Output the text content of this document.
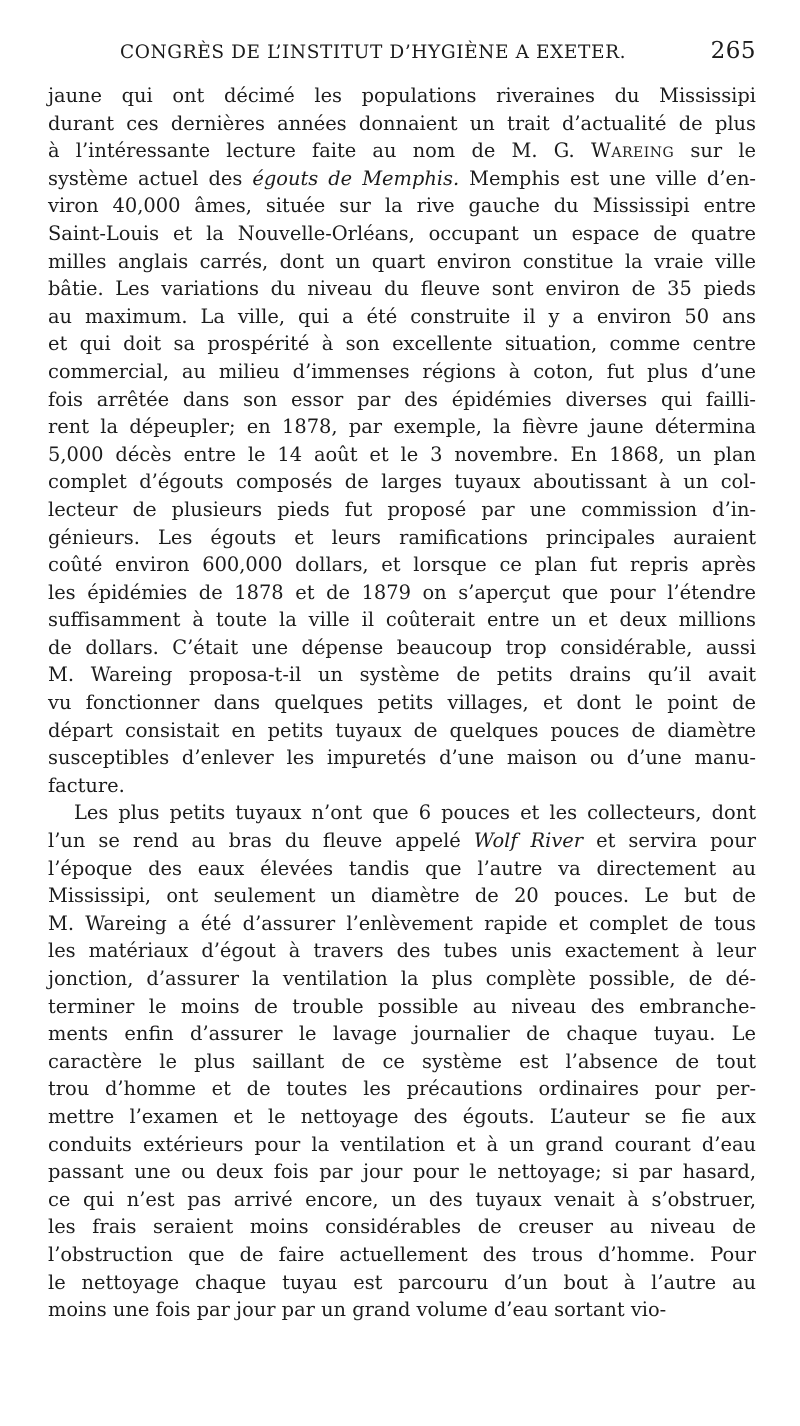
CONGRÈS DE L’INSTITUT D’HYGIÈNE A EXETER.	265

jaune qui ont décimé les populations riveraines du Mississipi
durant ces dernières années donnaient un trait d’actualité de plus
à l’intéressante lecture faite au nom de M. G. Wareing sur le
système actuel des égouts de Memphis. Memphis est une ville d’en-
viron 40,000 âmes, située sur la rive gauche du Mississipi entre
Saint-Louis et la Nouvelle-Orléans, occupant un espace de quatre
milles anglais carrés, dont un quart environ constitue la vraie ville
bâtie. Les variations du niveau du fleuve sont environ de 35 pieds
au maximum. La ville, qui a été construite il y a environ 50 ans
et qui doit sa prospérité à son excellente situation, comme centre
commercial, au milieu d’immenses régions à coton, fut plus d’une
fois arrêtée dans son essor par des épidémies diverses qui failli-
rent la dépeupler; en 1878, par exemple, la fièvre jaune détermina
5,000 décès entre le 14 août et le 3 novembre. En 1868, un plan
complet d’égouts composés de larges tuyaux aboutissant à un col-
lecteur de plusieurs pieds fut proposé par une commission d’in-
génieurs. Les égouts et leurs ramifications principales auraient
coûté environ 600,000 dollars, et lorsque ce plan fut repris après
les épidémies de 1878 et de 1879 on s’aperçut que pour l’étendre
suffisamment à toute la ville il coûterait entre un et deux millions
de dollars. C’était une dépense beaucoup trop considérable, aussi
M. Wareing proposa-t-il un système de petits drains qu’il avait
vu fonctionner dans quelques petits villages, et dont le point de
départ consistait en petits tuyaux de quelques pouces de diamètre
susceptibles d’enlever les impuretés d’une maison ou d’une manu-
facture.

Les plus petits tuyaux n’ont que 6 pouces et les collecteurs, dont
l’un se rend au bras du fleuve appelé Wolf River et servira pour
l’époque des eaux élevées tandis que l’autre va directement au
Mississipi, ont seulement un diamètre de 20 pouces. Le but de
M. Wareing a été d’assurer l’enlèvement rapide et complet de tous
les matériaux d’égout à travers des tubes unis exactement à leur
jonction, d’assurer la ventilation la plus complète possible, de dé-
terminer le moins de trouble possible au niveau des embranche-
ments enfin d’assurer le lavage journalier de chaque tuyau. Le
caractère le plus saillant de ce système est l’absence de tout
trou d’homme et de toutes les précautions ordinaires pour per-
mettre l’examen et le nettoyage des égouts. L’auteur se fie aux
conduits extérieurs pour la ventilation et à un grand courant d’eau
passant une ou deux fois par jour pour le nettoyage; si par hasard,
ce qui n’est pas arrivé encore, un des tuyaux venait à s’obstruer,
les frais seraient moins considérables de creuser au niveau de
l’obstruction que de faire actuellement des trous d’homme. Pour
le nettoyage chaque tuyau est parcouru d’un bout à l’autre au
moins une fois par jour par un grand volume d’eau sortant vio-
